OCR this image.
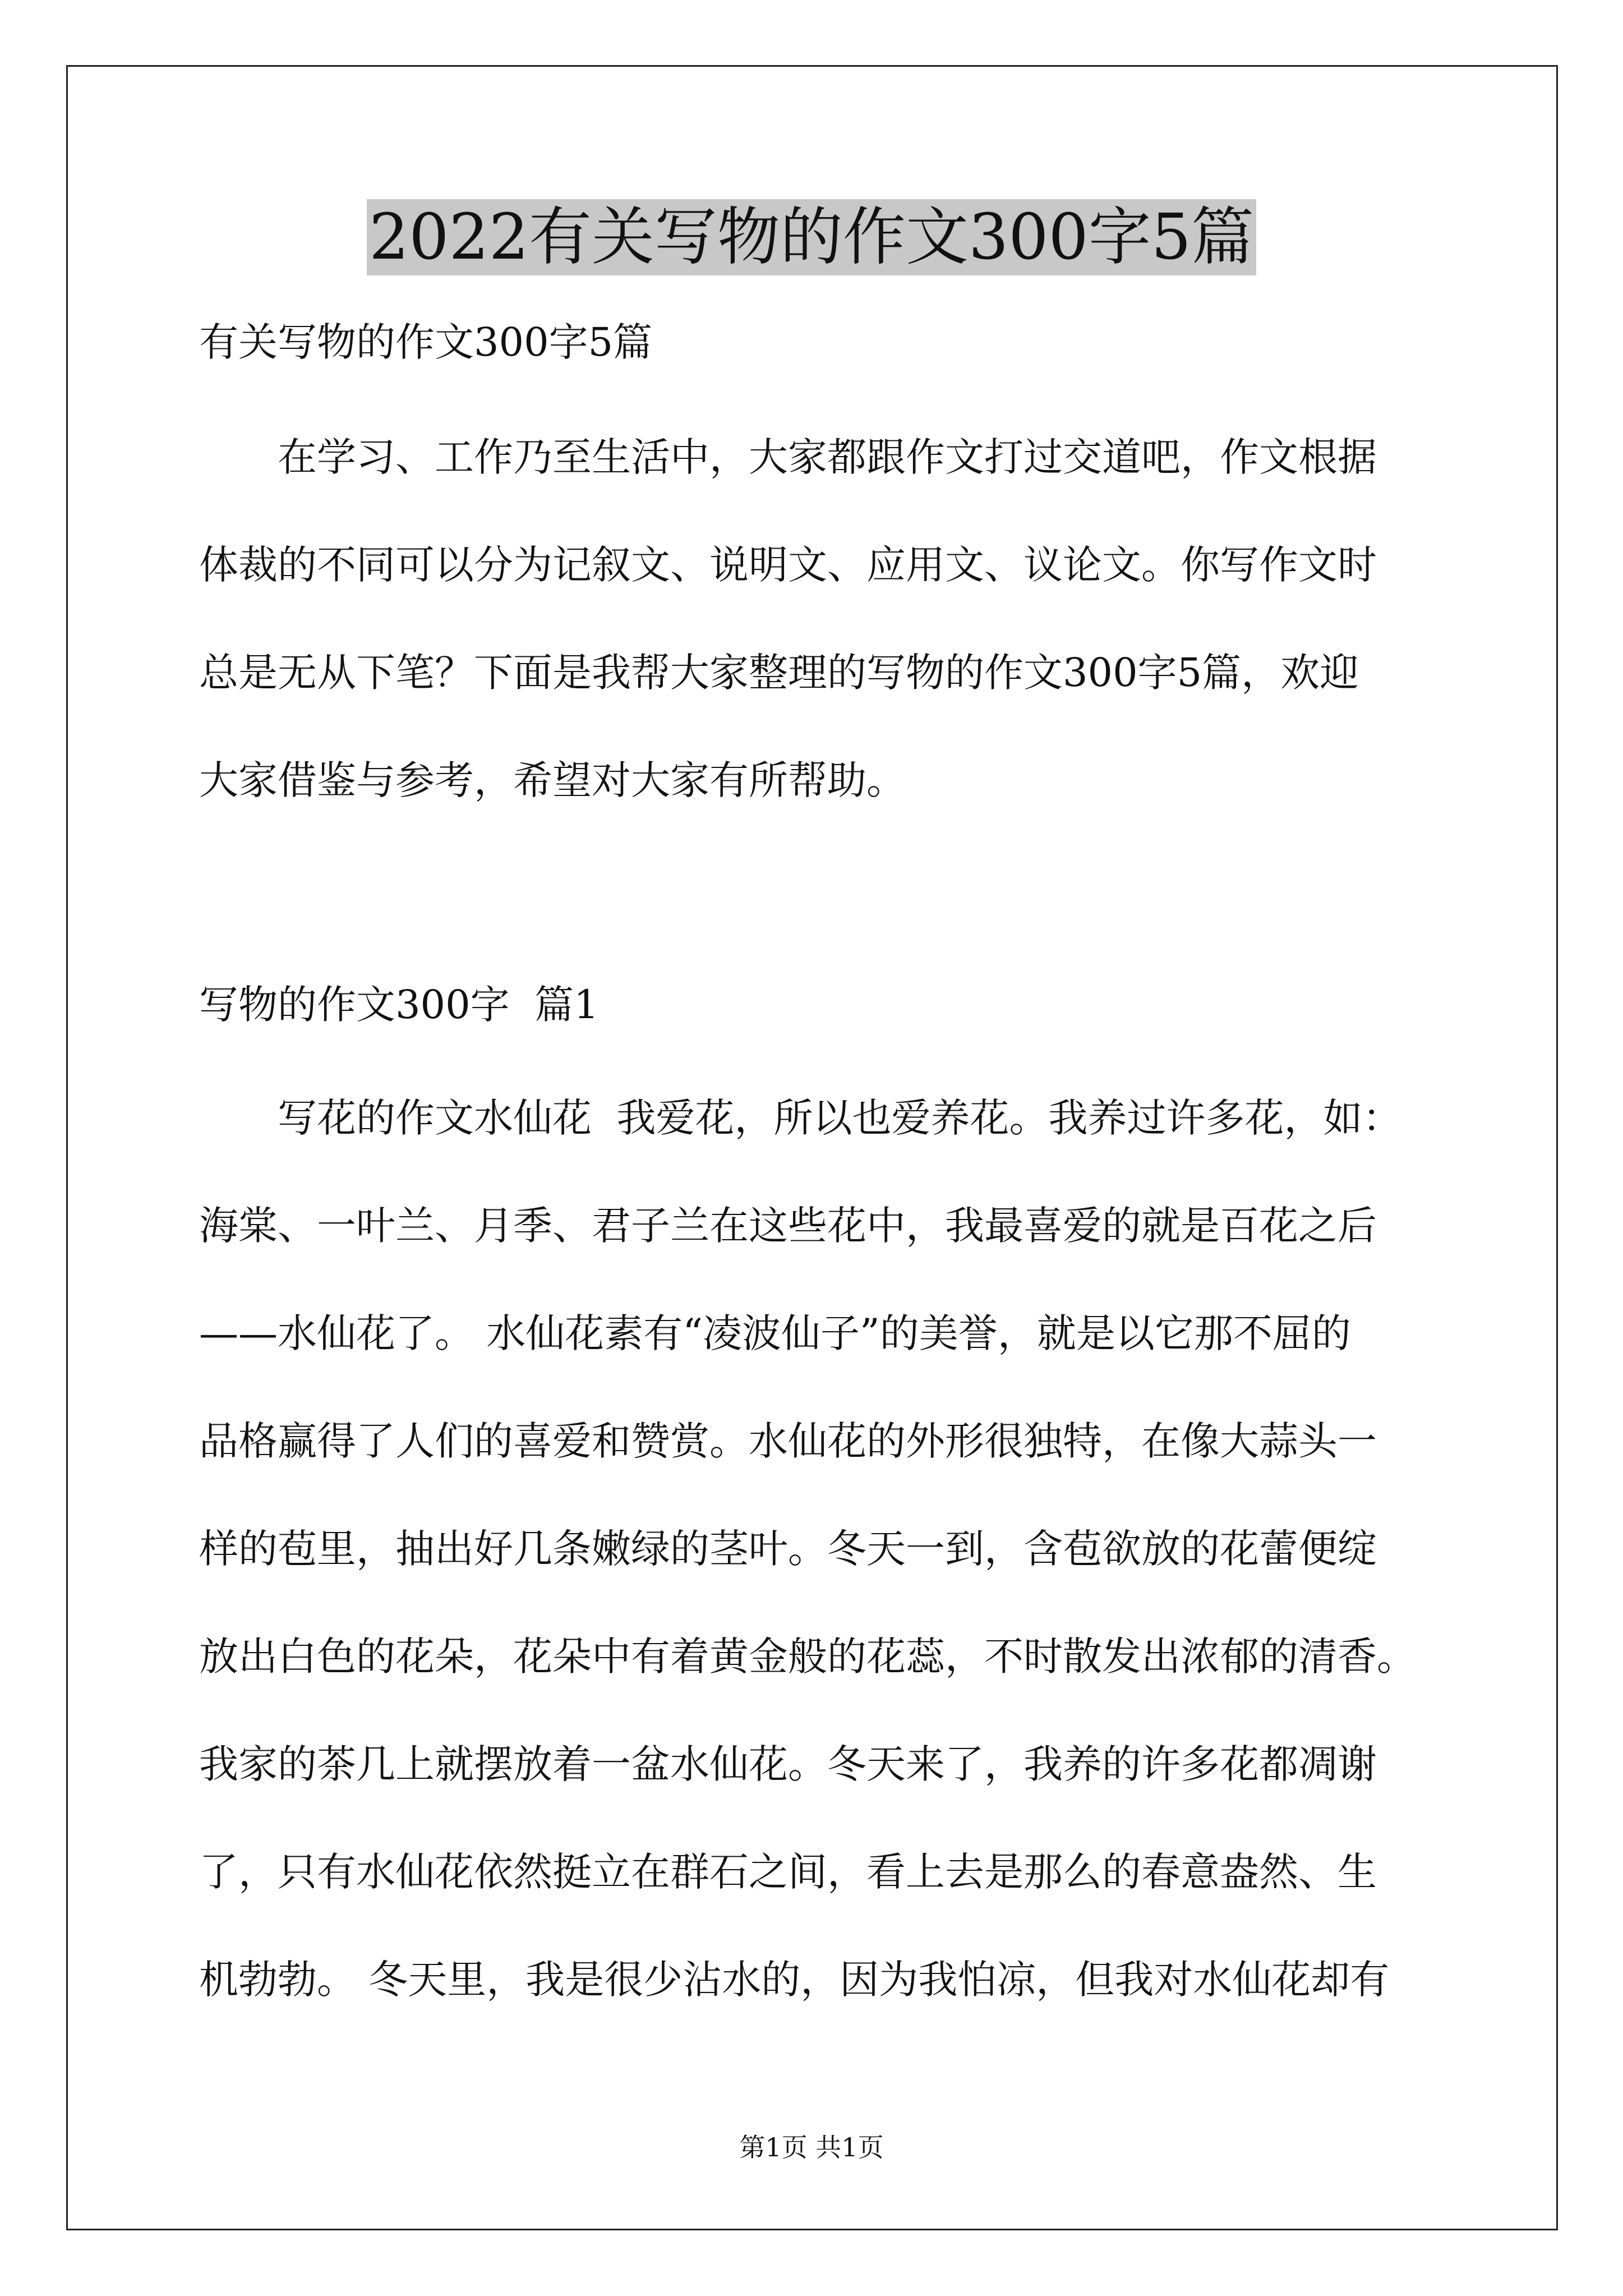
2022有关写物的作文300字5篇
有关写物的作文300字5篇
在学习、工作乃至生活中，大家都跟作文打过交道吧，作文根据
体裁的不同可以分为记叙文、说明文、应用文、议论文。你写作文时
总是无从下笔？下面是我帮大家整理的写物的作文300字5篇，欢迎
大家借鉴与参考，希望对大家有所帮助。
写物的作文300字  篇1
写花的作文水仙花  我爱花，所以也爱养花。我养过许多花，如：
海棠、一叶兰、月季、君子兰在这些花中，我最喜爱的就是百花之后
——水仙花了。 水仙花素有“凌波仙子”的美誉，就是以它那不屈的
品格赢得了人们的喜爱和赞赏。水仙花的外形很独特，在像大蒜头一
样的苞里，抽出好几条嫩绿的茎叶。冬天一到，含苞欲放的花蕾便绽
放出白色的花朵，花朵中有着黄金般的花蕊，不时散发出浓郁的清香。
我家的茶几上就摆放着一盆水仙花。冬天来了，我养的许多花都凋谢
了，只有水仙花依然挺立在群石之间，看上去是那么的春意盎然、生
机勃勃。 冬天里，我是很少沾水的，因为我怕凉，但我对水仙花却有
第1页 共1页
